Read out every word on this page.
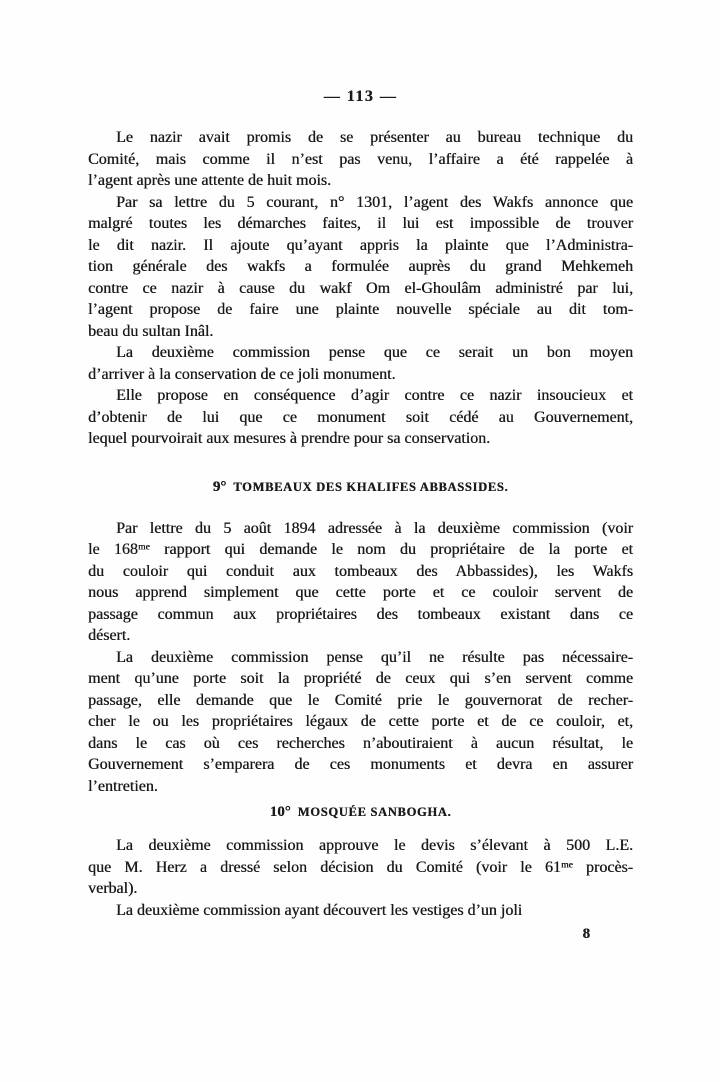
— 113 —

Le nazir avait promis de se présenter au bureau technique du
Comité, mais comme il n’est pas venu, l’affaire a été rappelée à
l’agent après une attente de huit mois.

Par sa lettre du 5 courant, n° 1301, l’agent des Wakfs annonce que
malgré toutes les démarches faites, il lui est impossible de trouver
le dit nazir. Il ajoute qu’ayant appris la plainte que l’Administra-
tion générale des wakfs a formulée auprès du grand Mehkemeh
contre ce nazir à cause du wakf Om el-Ghoulâm administré par lui,
l’agent propose de faire une plainte nouvelle spéciale au dit tom-
beau du sultan Inâl.

La deuxième commission pense que ce serait un bon moyen
d’arriver à la conservation de ce joli monument.

Elle propose en conséquence d’agir contre ce nazir insoucieux et
d’obtenir de lui que ce monument soit cédé au Gouvernement,
lequel pourvoirait aux mesures à prendre pour sa conservation.

9° TOMBEAUX DES KHALIFES ABBASSIDES.

Par lettre du 5 août 1894 adressée à la deuxième commission (voir
le 168ᵐᵉ rapport qui demande le nom du propriétaire de la porte et
du couloir qui conduit aux tombeaux des Abbassides), les Wakfs
nous apprend simplement que cette porte et ce couloir servent de
passage commun aux propriétaires des tombeaux existant dans ce
désert.

La deuxième commission pense qu’il ne résulte pas nécessaire-
ment qu’une porte soit la propriété de ceux qui s’en servent comme
passage, elle demande que le Comité prie le gouvernorat de recher-
cher le ou les propriétaires légaux de cette porte et de ce couloir, et,
dans le cas où ces recherches n’aboutiraient à aucun résultat, le
Gouvernement s’emparera de ces monuments et devra en assurer
l’entretien.

10° MOSQUÉE SANBOGHA.

La deuxième commission approuve le devis s’élevant à 500 L.E.
que M. Herz a dressé selon décision du Comité (voir le 61ᵐᵉ procès-
verbal).

La deuxième commission ayant découvert les vestiges d’un joli

8
